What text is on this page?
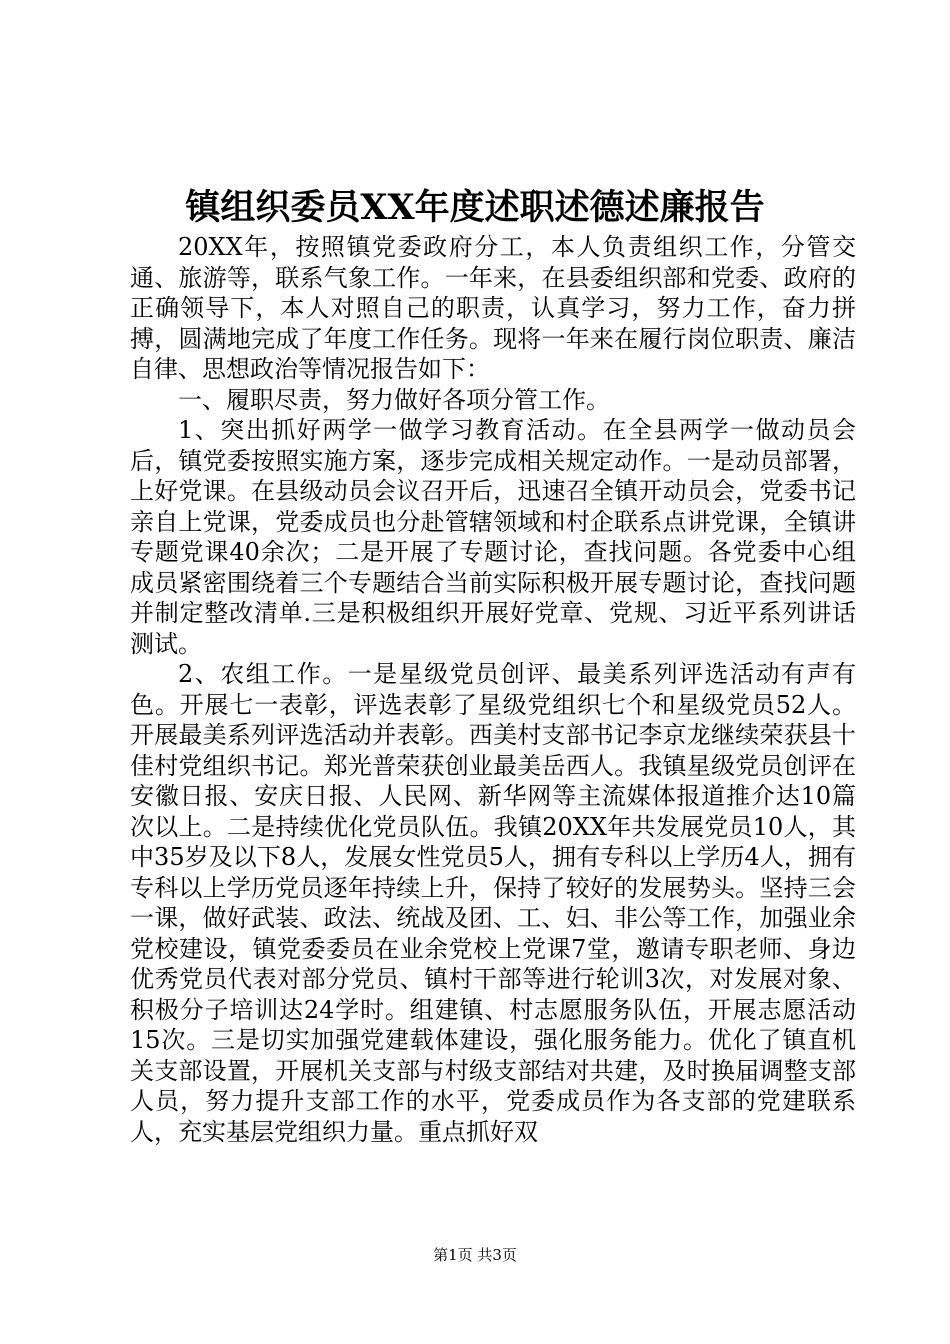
镇组织委员XX年度述职述德述廉报告

20XX年，按照镇党委政府分工，本人负责组织工作，分管交通、旅游等，联系气象工作。一年来，在县委组织部和党委、政府的正确领导下，本人对照自己的职责，认真学习，努力工作，奋力拼搏，圆满地完成了年度工作任务。现将一年来在履行岗位职责、廉洁自律、思想政治等情况报告如下：

一、履职尽责，努力做好各项分管工作。

1、突出抓好两学一做学习教育活动。在全县两学一做动员会后，镇党委按照实施方案，逐步完成相关规定动作。一是动员部署，上好党课。在县级动员会议召开后，迅速召全镇开动员会，党委书记亲自上党课，党委成员也分赴管辖领域和村企联系点讲党课，全镇讲专题党课40余次；二是开展了专题讨论，查找问题。各党委中心组成员紧密围绕着三个专题结合当前实际积极开展专题讨论，查找问题并制定整改清单.三是积极组织开展好党章、党规、习近平系列讲话测试。

2、农组工作。一是星级党员创评、最美系列评选活动有声有色。开展七一表彰，评选表彰了星级党组织七个和星级党员52人。开展最美系列评选活动并表彰。西美村支部书记李京龙继续荣获县十佳村党组织书记。郑光普荣获创业最美岳西人。我镇星级党员创评在安徽日报、安庆日报、人民网、新华网等主流媒体报道推介达10篇次以上。二是持续优化党员队伍。我镇20XX年共发展党员10人，其中35岁及以下8人，发展女性党员5人，拥有专科以上学历4人，拥有专科以上学历党员逐年持续上升，保持了较好的发展势头。坚持三会一课，做好武装、政法、统战及团、工、妇、非公等工作，加强业余党校建设，镇党委委员在业余党校上党课7堂，邀请专职老师、身边优秀党员代表对部分党员、镇村干部等进行轮训3次，对发展对象、积极分子培训达24学时。组建镇、村志愿服务队伍，开展志愿活动15次。三是切实加强党建载体建设，强化服务能力。优化了镇直机关支部设置，开展机关支部与村级支部结对共建，及时换届调整支部人员，努力提升支部工作的水平，党委成员作为各支部的党建联系人，充实基层党组织力量。重点抓好双

第1页 共3页
